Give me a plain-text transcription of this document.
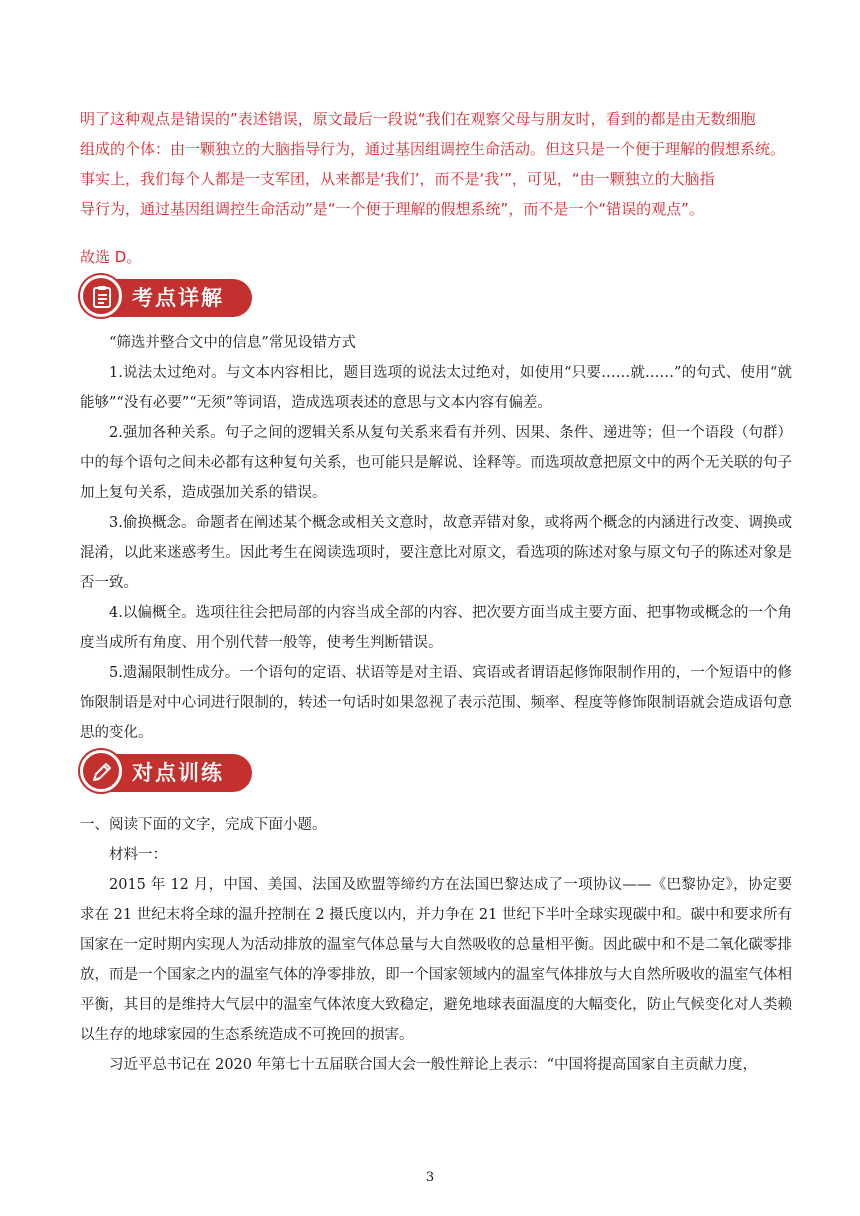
明了这种观点是错误的”表述错误，原文最后一段说“我们在观察父母与朋友时，看到的都是由无数细胞

组成的个体：由一颗独立的大脑指导行为，通过基因组调控生命活动。但这只是一个便于理解的假想系统。

事实上，我们每个人都是一支军团，从来都是‘我们’，而不是‘我’”，可见，“由一颗独立的大脑指

导行为，通过基因组调控生命活动”是“一个便于理解的假想系统”，而不是一个“错误的观点”。

故选 D。
考点详解

“筛选并整合文中的信息”常见设错方式

1.说法太过绝对。与文本内容相比，题目选项的说法太过绝对，如使用“只要……就……”的句式、使用“就能够”“没有必要”“无须”等词语，造成选项表述的意思与文本内容有偏差。

2.强加各种关系。句子之间的逻辑关系从复句关系来看有并列、因果、条件、递进等；但一个语段（句群）中的每个语句之间未必都有这种复句关系，也可能只是解说、诠释等。而选项故意把原文中的两个无关联的句子加上复句关系，造成强加关系的错误。

3.偷换概念。命题者在阐述某个概念或相关文意时，故意弄错对象，或将两个概念的内涵进行改变、调换或混淆，以此来迷惑考生。因此考生在阅读选项时，要注意比对原文，看选项的陈述对象与原文句子的陈述对象是否一致。

4.以偏概全。选项往往会把局部的内容当成全部的内容、把次要方面当成主要方面、把事物或概念的一个角度当成所有角度、用个别代替一般等，使考生判断错误。

5.遗漏限制性成分。一个语句的定语、状语等是对主语、宾语或者谓语起修饰限制作用的，一个短语中的修饰限制语是对中心词进行限制的，转述一句话时如果忽视了表示范围、频率、程度等修饰限制语就会造成语句意思的变化。

对点训练

一、阅读下面的文字，完成下面小题。

材料一：

2015 年 12 月，中国、美国、法国及欧盟等缔约方在法国巴黎达成了一项协议——《巴黎协定》，协定要求在 21 世纪末将全球的温升控制在 2 摄氏度以内，并力争在 21 世纪下半叶全球实现碳中和。碳中和要求所有国家在一定时期内实现人为活动排放的温室气体总量与大自然吸收的总量相平衡。因此碳中和不是二氧化碳零排放，而是一个国家之内的温室气体的净零排放，即一个国家领域内的温室气体排放与大自然所吸收的温室气体相平衡，其目的是维持大气层中的温室气体浓度大致稳定，避免地球表面温度的大幅变化，防止气候变化对人类赖以生存的地球家园的生态系统造成不可挽回的损害。

习近平总书记在 2020 年第七十五届联合国大会一般性辩论上表示：“中国将提高国家自主贡献力度，

3
